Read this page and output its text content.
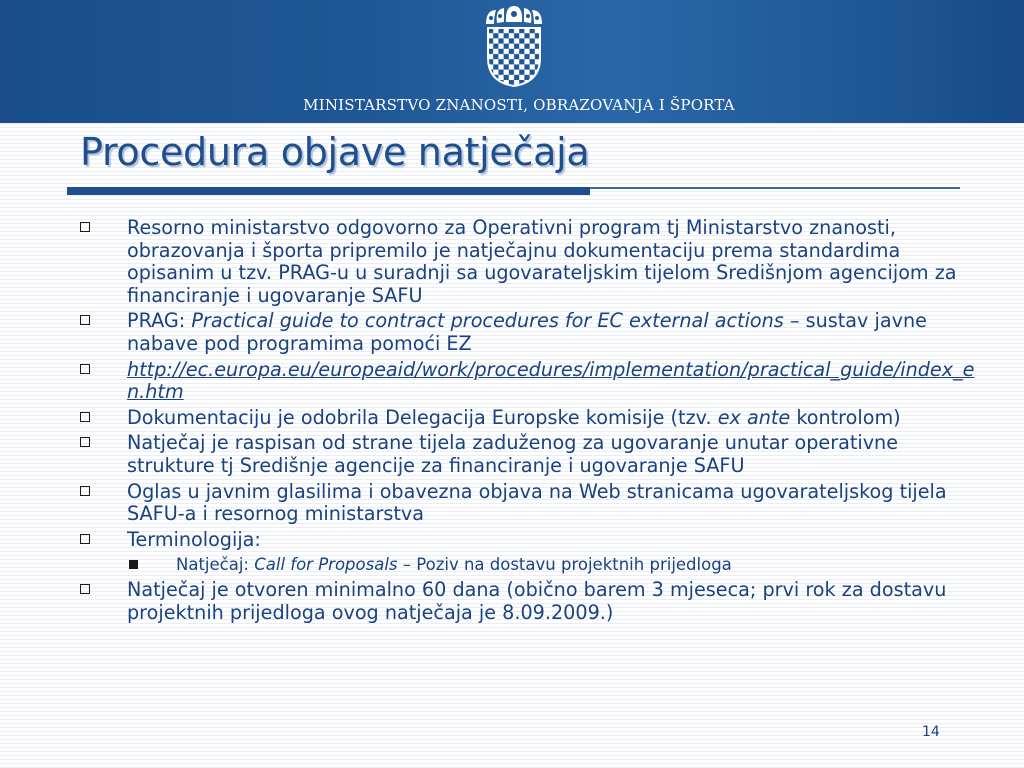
MINISTARSTVO ZNANOSTI, OBRAZOVANJA I ŠPORTA
Procedura objave natječaja
Resorno ministarstvo odgovorno za Operativni program tj Ministarstvo znanosti, obrazovanja i športa pripremilo je natječajnu dokumentaciju prema standardima opisanim u tzv. PRAG-u u suradnji sa ugovarateljskim tijelom Središnjom agencijom za financiranje i ugovaranje SAFU
PRAG: Practical guide to contract procedures for EC external actions – sustav javne nabave pod programima pomoći EZ
http://ec.europa.eu/europeaid/work/procedures/implementation/practical_guide/index_en.htm
Dokumentaciju je odobrila Delegacija Europske komisije (tzv. ex ante kontrolom)
Natječaj je raspisan od strane tijela zaduženog za ugovaranje unutar operativne strukture tj Središnje agencije za financiranje i ugovaranje SAFU
Oglas u javnim glasilima i obavezna objava na Web stranicama ugovarateljskog tijela SAFU-a i resornog ministarstva
Terminologija:
Natječaj: Call for Proposals – Poziv na dostavu projektnih prijedloga
Natječaj je otvoren minimalno 60 dana (obično barem 3 mjeseca; prvi rok za dostavu projektnih prijedloga ovog natječaja je 8.09.2009.)
14
